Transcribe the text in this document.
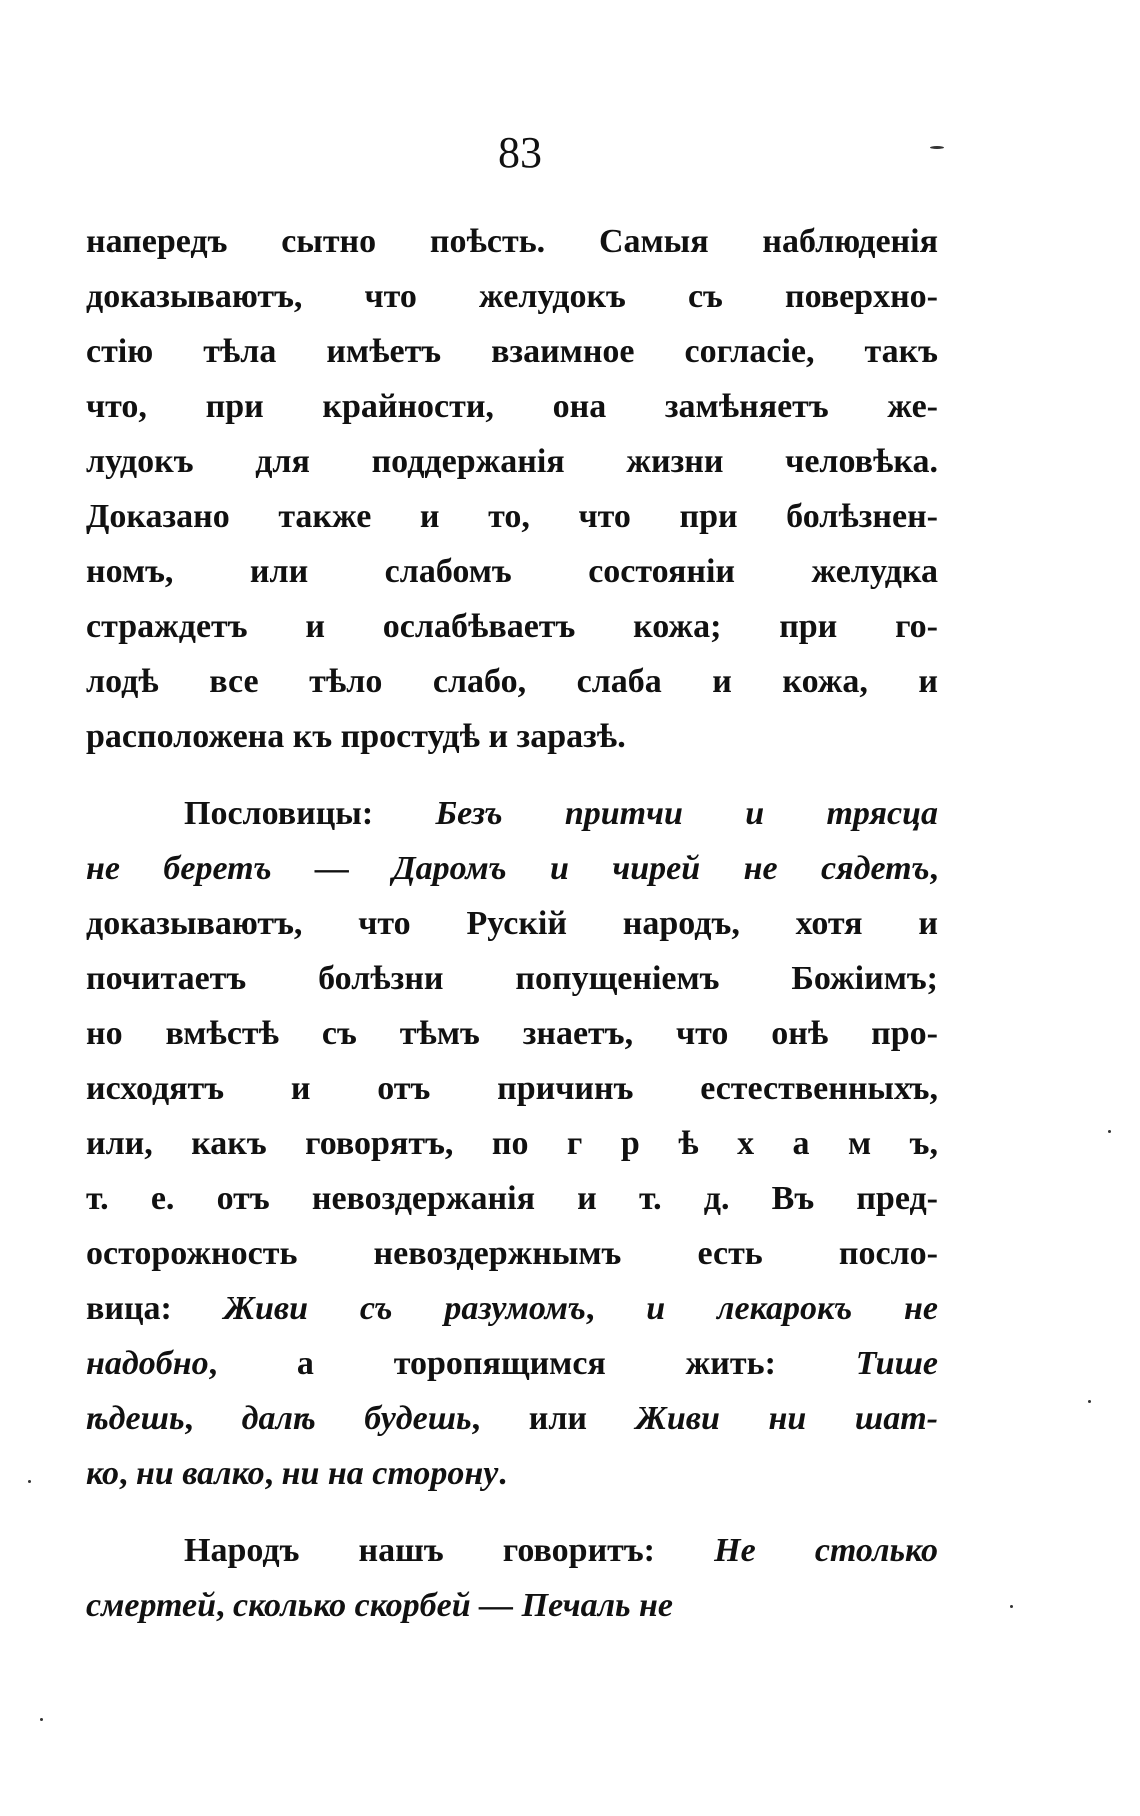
83
напередъ сытно поѣсть. Самыя наблюденія
доказываютъ, что желудокъ съ поверхно-
стію тѣла имѣетъ взаимное согласіе, такъ
что, при крайности, она замѣняетъ же-
лудокъ для поддержанія жизни человѣка.
Доказано также и то, что при болѣзнен-
номъ, или слабомъ состояніи желудка
страждетъ и ослабѣваетъ кожа; при го-
лодѣ все тѣло слабо, слаба и кожа, и
расположена къ простудѣ и заразѣ.
Пословицы: Безъ притчи и трясца
не беретъ — Даромъ и чирей не сядетъ,
доказываютъ, что Рускій народъ, хотя и
почитаетъ болѣзни попущеніемъ Божіимъ;
но вмѣстѣ съ тѣмъ знаетъ, что онѣ про-
исходятъ и отъ причинъ естественныхъ,
или, какъ говорятъ, по г р ѣ х а м ъ,
т. е. отъ невоздержанія и т. д. Въ пред-
осторожность невоздержнымъ есть посло-
вица: Живи съ разумомъ, и лекарокъ не
надобно, а торопящимся жить: Тише
ѣдешь, далѣ будешь, или Живи ни шат-
ко, ни валко, ни на сторону.
Народъ нашъ говоритъ: Не столько
смертей, сколько скорбей — Печаль не
